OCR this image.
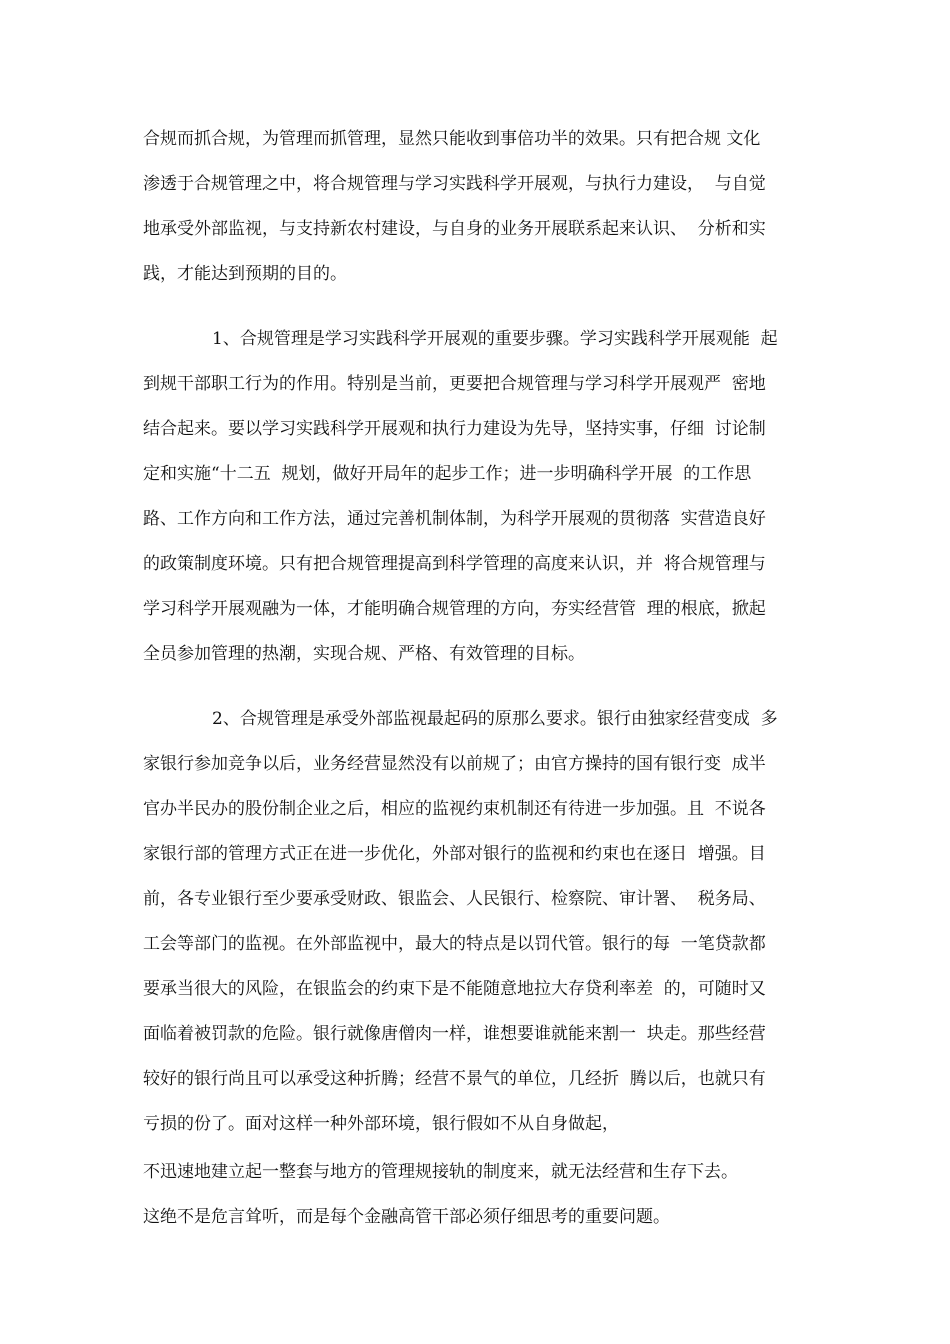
合规而抓合规，为管理而抓管理，显然只能收到事倍功半的效果。只有把合规 文化
渗透于合规管理之中，将合规管理与学习实践科学开展观，与执行力建设，  与自觉
地承受外部监视，与支持新农村建设，与自身的业务开展联系起来认识、  分析和实
践，才能达到预期的目的。
1、合规管理是学习实践科学开展观的重要步骤。学习实践科学开展观能  起
到规干部职工行为的作用。特别是当前，更要把合规管理与学习科学开展观严  密地
结合起来。要以学习实践科学开展观和执行力建设为先导，坚持实事，仔细  讨论制
定和实施“十二五  规划，做好开局年的起步工作；进一步明确科学开展  的工作思
路、工作方向和工作方法，通过完善机制体制，为科学开展观的贯彻落  实营造良好
的政策制度环境。只有把合规管理提高到科学管理的高度来认识，并  将合规管理与
学习科学开展观融为一体，才能明确合规管理的方向，夯实经营管  理的根底，掀起
全员参加管理的热潮，实现合规、严格、有效管理的目标。
2、合规管理是承受外部监视最起码的原那么要求。银行由独家经营变成  多
家银行参加竞争以后，业务经营显然没有以前规了；由官方操持的国有银行变  成半
官办半民办的股份制企业之后，相应的监视约束机制还有待进一步加强。且  不说各
家银行部的管理方式正在进一步优化，外部对银行的监视和约束也在逐日  增强。目
前，各专业银行至少要承受财政、银监会、人民银行、检察院、审计署、  税务局、
工会等部门的监视。在外部监视中，最大的特点是以罚代管。银行的每  一笔贷款都
要承当很大的风险，在银监会的约束下是不能随意地拉大存贷利率差  的，可随时又
面临着被罚款的危险。银行就像唐僧肉一样，谁想要谁就能来割一  块走。那些经营
较好的银行尚且可以承受这种折腾；经营不景气的单位，几经折  腾以后，也就只有
亏损的份了。面对这样一种外部环境，银行假如不从自身做起，
不迅速地建立起一整套与地方的管理规接轨的制度来，就无法经营和生存下去。
这绝不是危言耸听，而是每个金融高管干部必须仔细思考的重要问题。
